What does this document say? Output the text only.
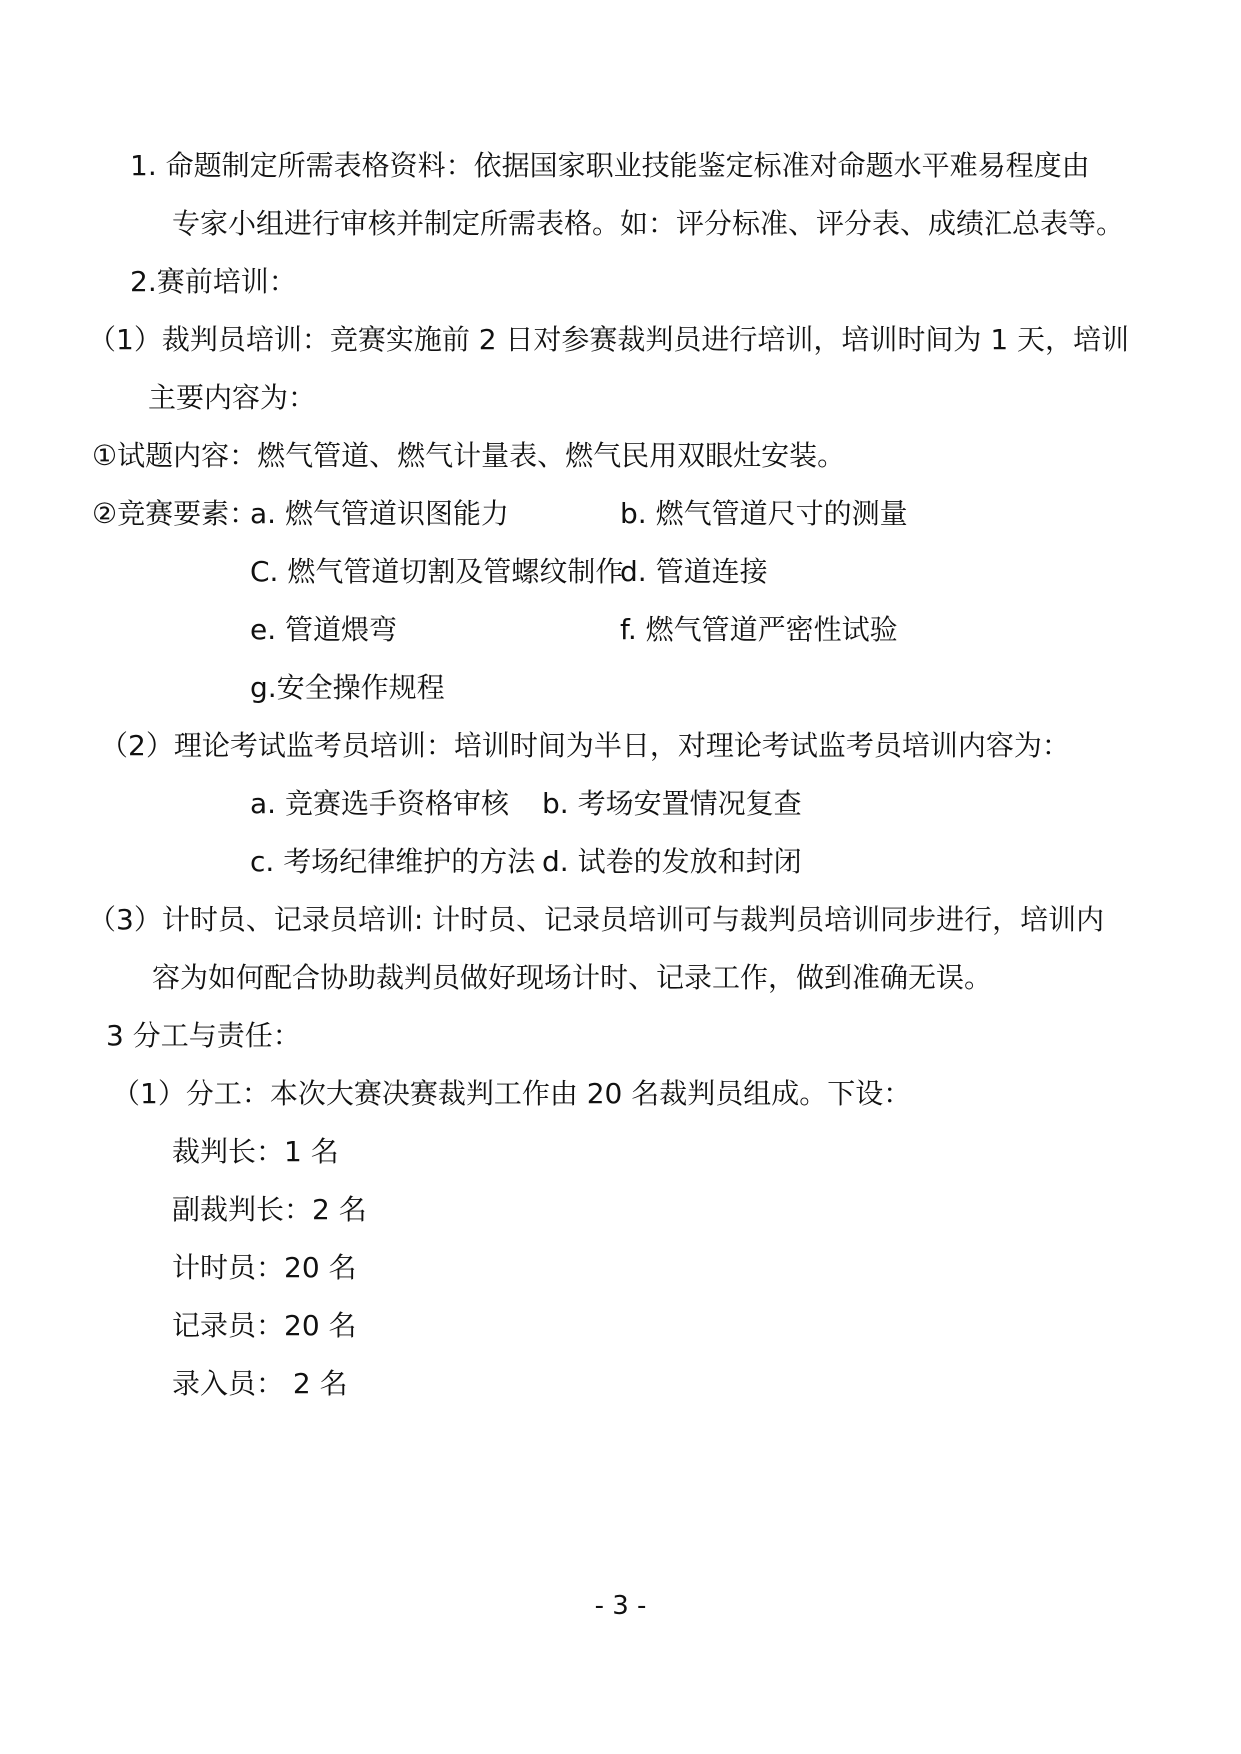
1. 命题制定所需表格资料：依据国家职业技能鉴定标准对命题水平难易程度由
专家小组进行审核并制定所需表格。如：评分标准、评分表、成绩汇总表等。
2.赛前培训：
（1）裁判员培训：竞赛实施前 2 日对参赛裁判员进行培训，培训时间为 1 天，培训
主要内容为：
①试题内容：燃气管道、燃气计量表、燃气民用双眼灶安装。
②竞赛要素：
a. 燃气管道识图能力	b. 燃气管道尺寸的测量
C. 燃气管道切割及管螺纹制作
d. 管道连接
e. 管道煨弯	f. 燃气管道严密性试验
g.安全操作规程
（2）理论考试监考员培训：培训时间为半日，对理论考试监考员培训内容为：
a. 竞赛选手资格审核 b. 考场安置情况复查
c. 考场纪律维护的方法 d. 试卷的发放和封闭
（3）计时员、记录员培训: 计时员、记录员培训可与裁判员培训同步进行，培训内
容为如何配合协助裁判员做好现场计时、记录工作，做到准确无误。
3 分工与责任：
（1）分工：本次大赛决赛裁判工作由 20 名裁判员组成。下设：
裁判长：1 名
副裁判长：2 名
计时员：20 名
记录员：20 名
录入员： 2 名
- 3 -
